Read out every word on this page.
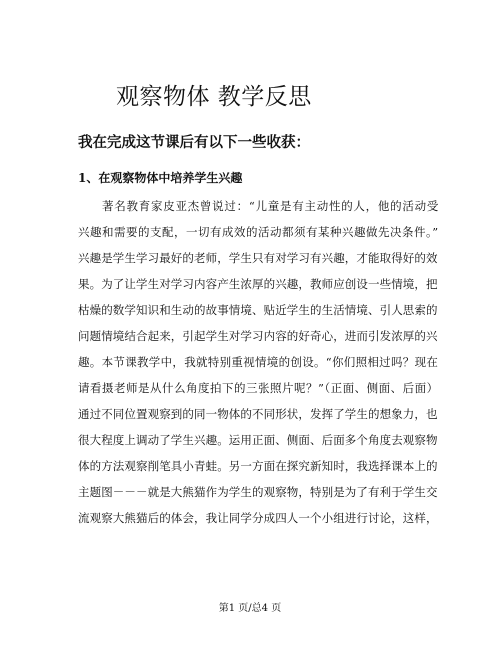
观察物体 教学反思
我在完成这节课后有以下一些收获：
1、在观察物体中培养学生兴趣
著名教育家皮亚杰曾说过：“儿童是有主动性的人，他的活动受
兴趣和需要的支配，一切有成效的活动都须有某种兴趣做先决条件。”
兴趣是学生学习最好的老师，学生只有对学习有兴趣，才能取得好的效
果。为了让学生对学习内容产生浓厚的兴趣，教师应创设一些情境，把
枯燥的数学知识和生动的故事情境、贴近学生的生活情境、引人思索的
问题情境结合起来，引起学生对学习内容的好奇心，进而引发浓厚的兴
趣。本节课教学中，我就特别重视情境的创设。“你们照相过吗？现在
请看摄老师是从什么角度拍下的三张照片呢？”（正面、侧面、后面）
通过不同位置观察到的同一物体的不同形状，发挥了学生的想象力，也
很大程度上调动了学生兴趣。运用正面、侧面、后面多个角度去观察物
体的方法观察削笔具小青蛙。另一方面在探究新知时，我选择课本上的
主题图－－－就是大熊猫作为学生的观察物，特别是为了有利于学生交
流观察大熊猫后的体会，我让同学分成四人一个小组进行讨论，这样，
第1 页/总4 页
